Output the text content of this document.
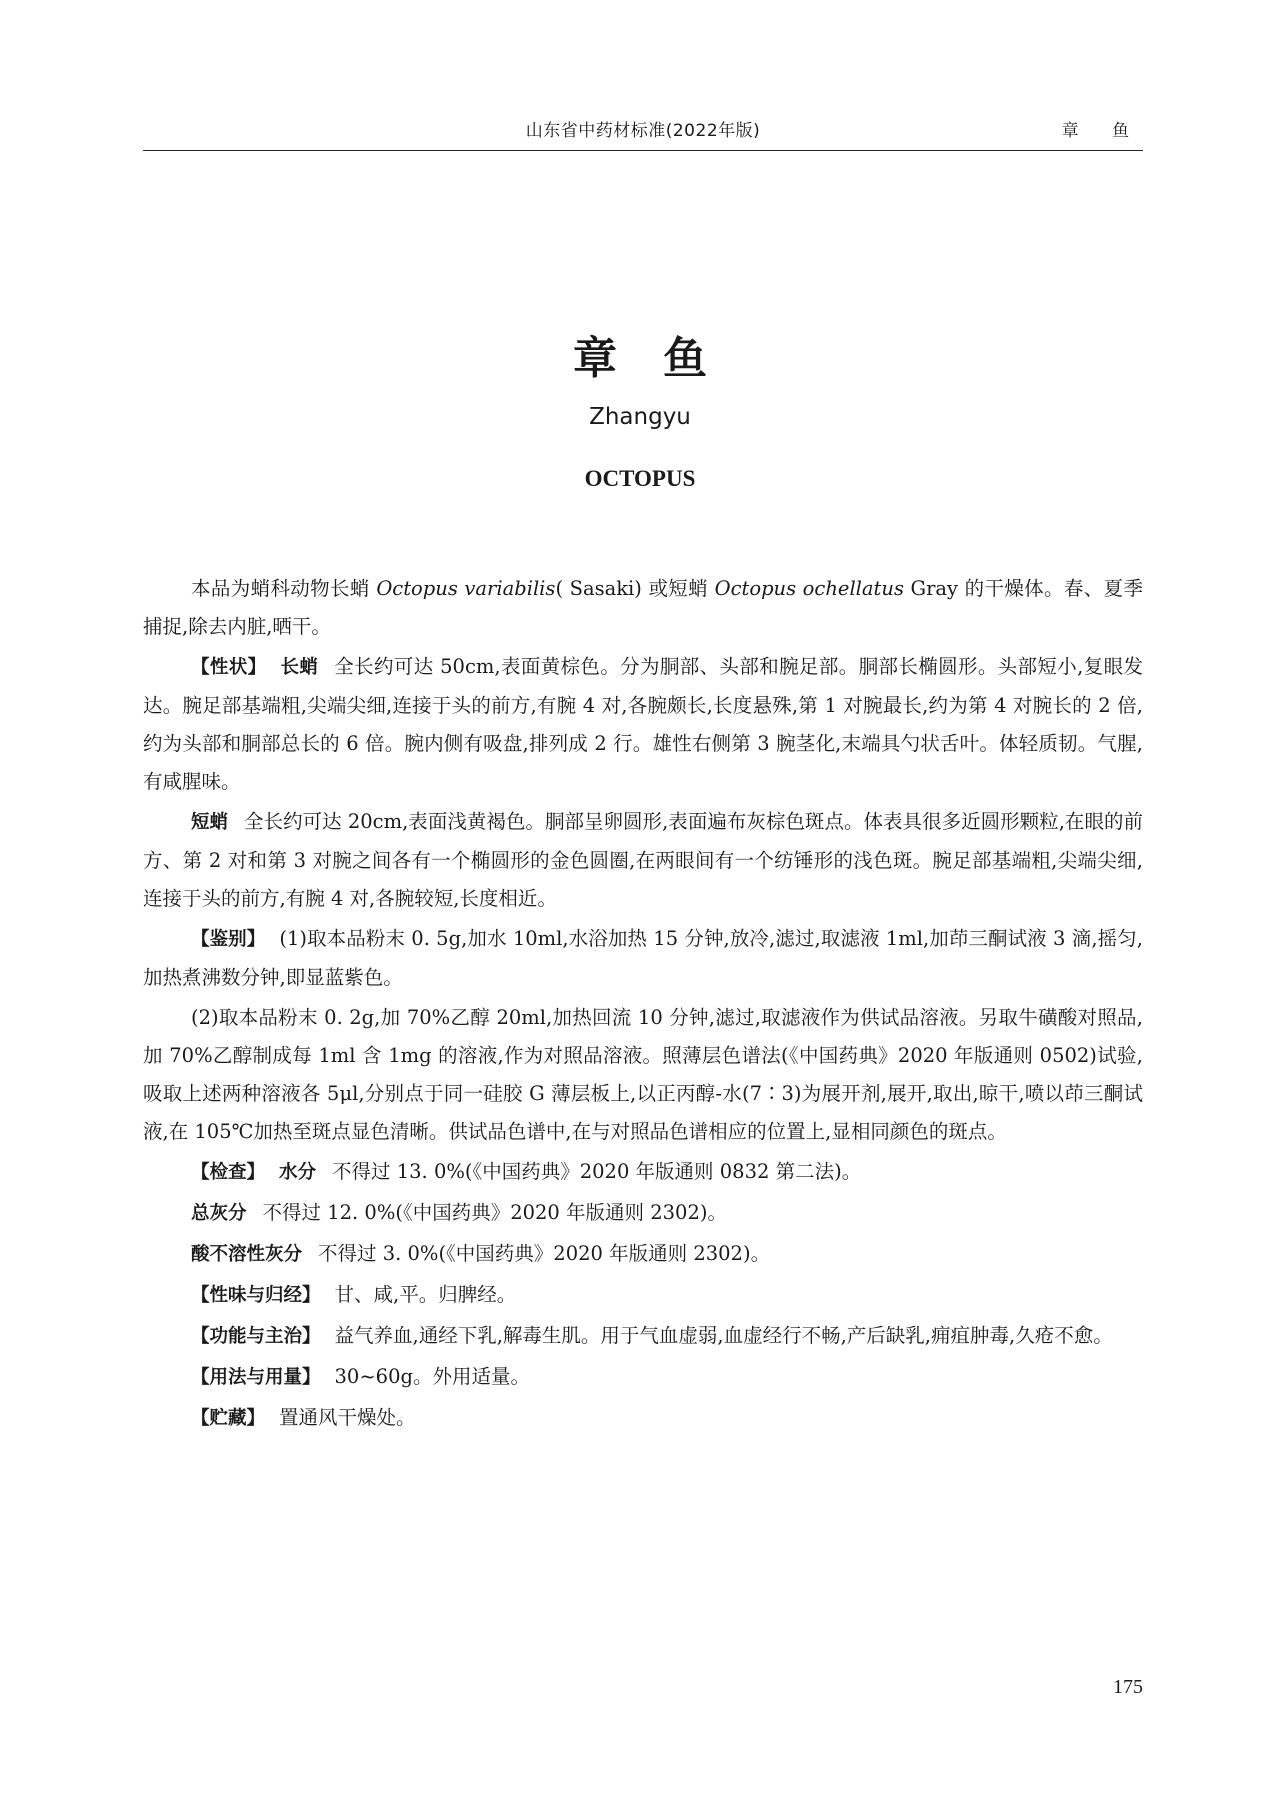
山东省中药材标准(2022年版)	章 鱼
章鱼
Zhangyu
OCTOPUS

本品为蛸科动物长蛸 Octopus variabilis( Sasaki) 或短蛸 Octopus ochellatus Gray 的干燥体。春、夏季捕捉,除去内脏,晒干。

【性状】 长蛸 全长约可达 50cm,表面黄棕色。分为胴部、头部和腕足部。胴部长椭圆形。头部短小,复眼发达。腕足部基端粗,尖端尖细,连接于头的前方,有腕 4 对,各腕颇长,长度悬殊,第 1 对腕最长,约为第 4 对腕长的 2 倍,约为头部和胴部总长的 6 倍。腕内侧有吸盘,排列成 2 行。雄性右侧第 3 腕茎化,末端具勺状舌叶。体轻质韧。气腥,有咸腥味。

短蛸 全长约可达 20cm,表面浅黄褐色。胴部呈卵圆形,表面遍布灰棕色斑点。体表具很多近圆形颗粒,在眼的前方、第 2 对和第 3 对腕之间各有一个椭圆形的金色圆圈,在两眼间有一个纺锤形的浅色斑。腕足部基端粗,尖端尖细,连接于头的前方,有腕 4 对,各腕较短,长度相近。

【鉴别】 (1)取本品粉末 0. 5g,加水 10ml,水浴加热 15 分钟,放冷,滤过,取滤液 1ml,加茚三酮试液 3 滴,摇匀,加热煮沸数分钟,即显蓝紫色。

(2)取本品粉末 0. 2g,加 70%乙醇 20ml,加热回流 10 分钟,滤过,取滤液作为供试品溶液。另取牛磺酸对照品,加 70%乙醇制成每 1ml 含 1mg 的溶液,作为对照品溶液。照薄层色谱法(《中国药典》2020 年版通则 0502)试验,吸取上述两种溶液各 5μl,分别点于同一硅胶 G 薄层板上,以正丙醇-水(7∶3)为展开剂,展开,取出,晾干,喷以茚三酮试液,在 105℃加热至斑点显色清晰。供试品色谱中,在与对照品色谱相应的位置上,显相同颜色的斑点。

【检查】 水分 不得过 13. 0%(《中国药典》2020 年版通则 0832 第二法)。

总灰分 不得过 12. 0%(《中国药典》2020 年版通则 2302)。

酸不溶性灰分 不得过 3. 0%(《中国药典》2020 年版通则 2302)。

【性味与归经】 甘、咸,平。归脾经。

【功能与主治】 益气养血,通经下乳,解毒生肌。用于气血虚弱,血虚经行不畅,产后缺乳,痈疽肿毒,久疮不愈。

【用法与用量】 30~60g。外用适量。

【贮藏】 置通风干燥处。

175
